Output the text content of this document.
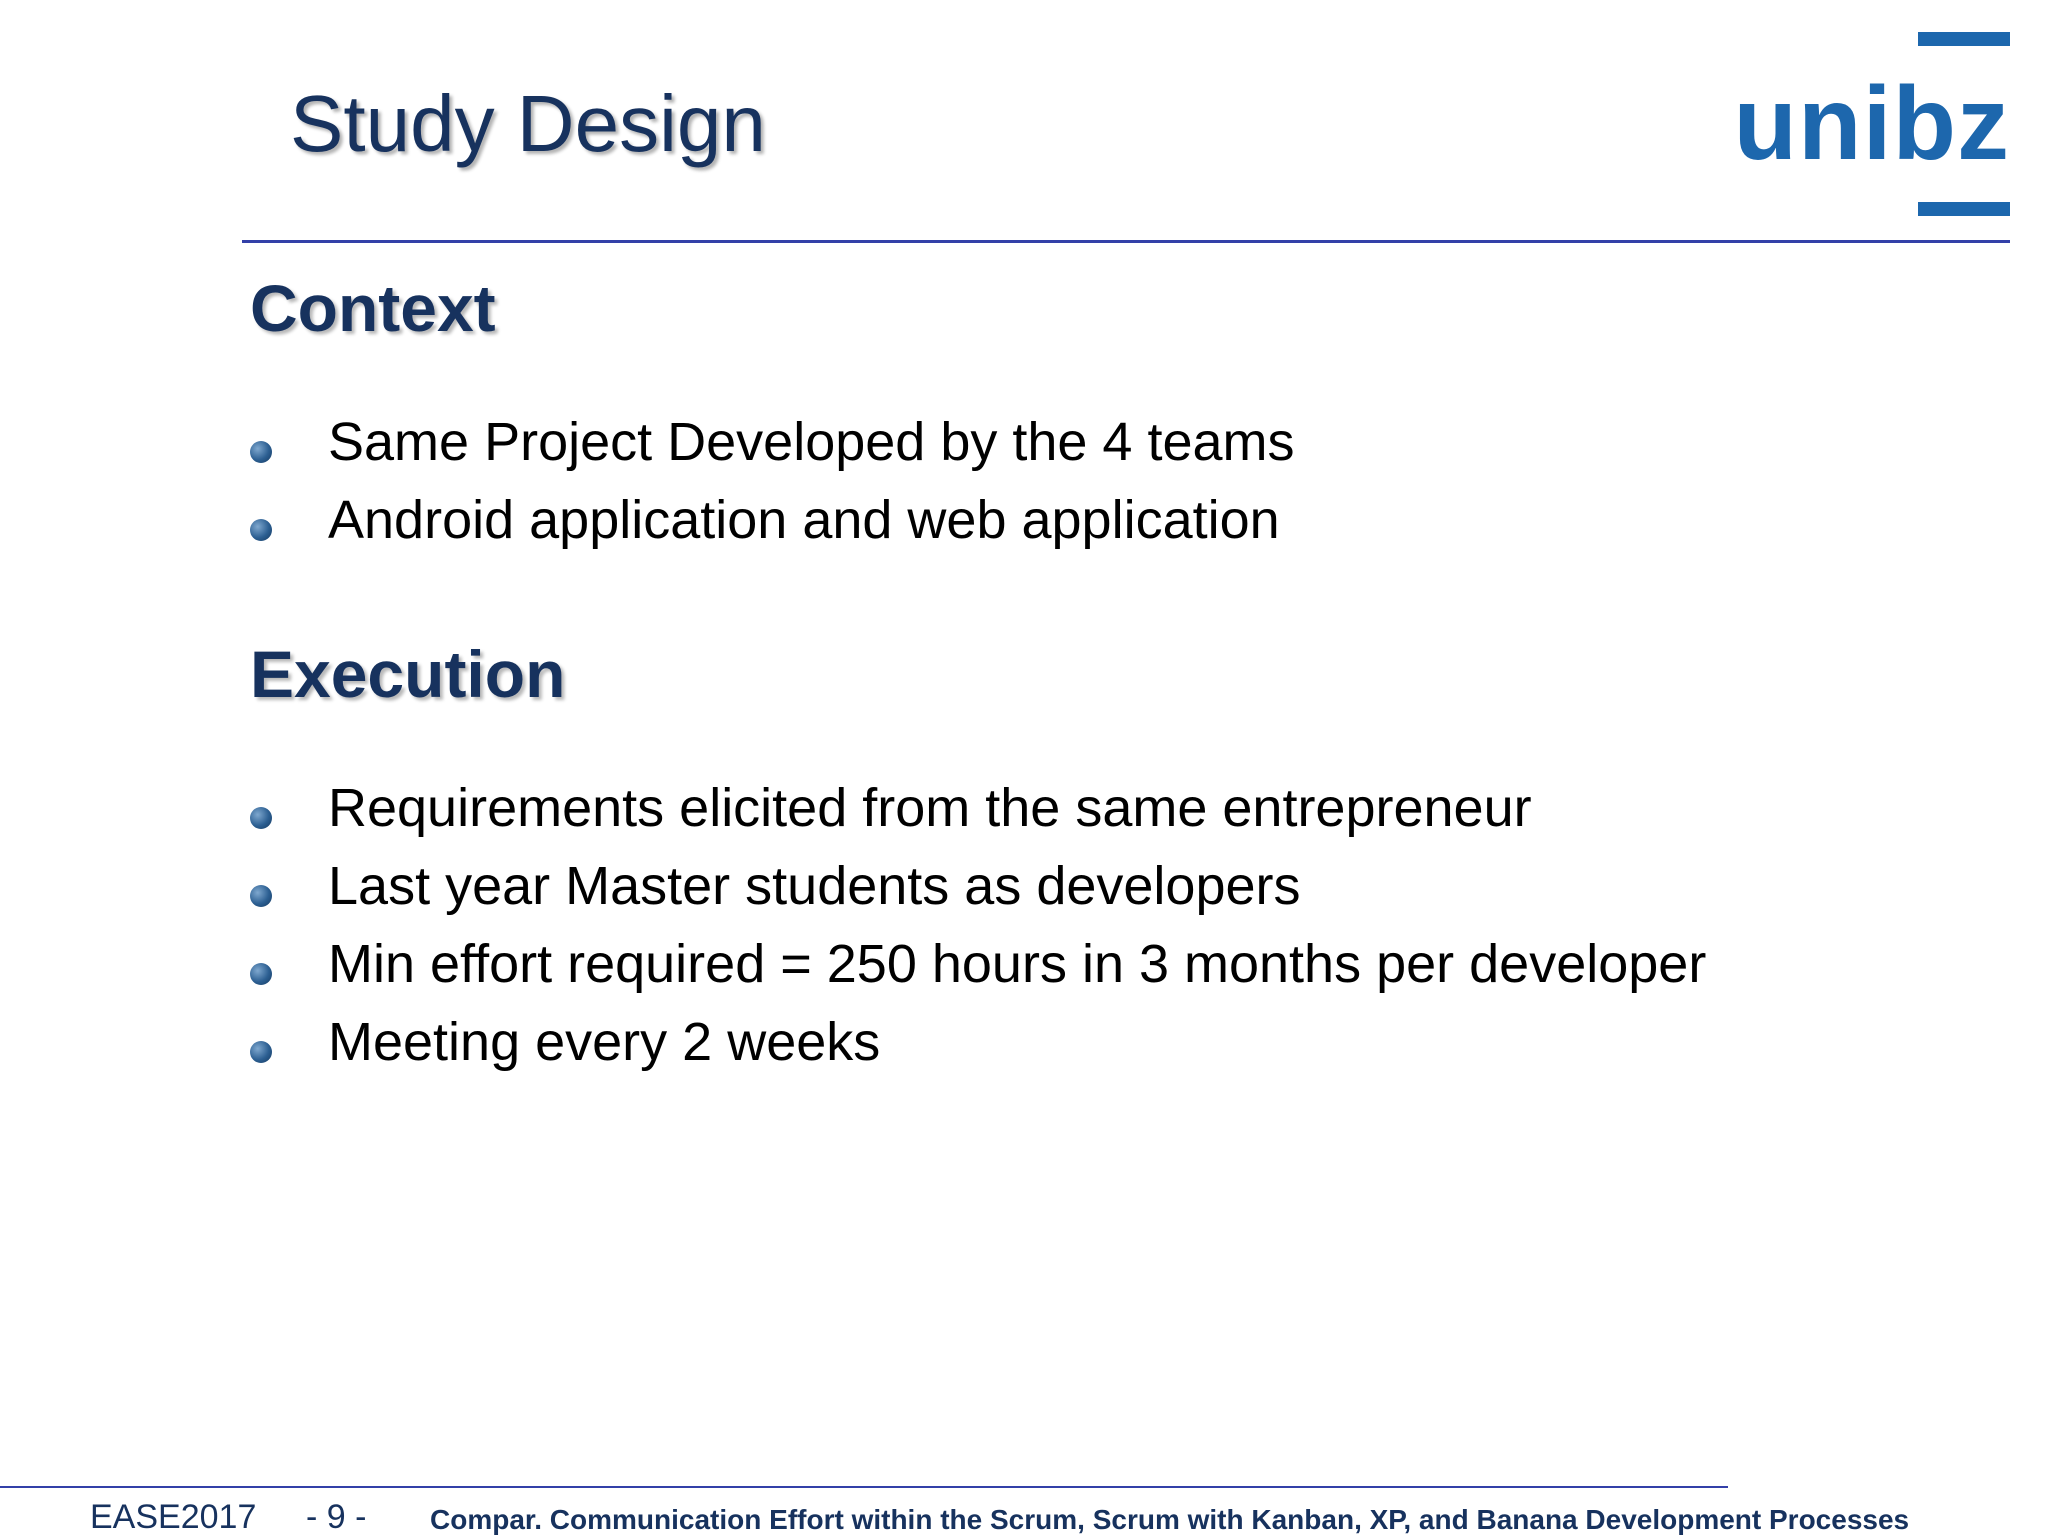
Study Design	unibz
Context
Same Project Developed by the 4 teams
Android application and web application
Execution
Requirements elicited from the same entrepreneur
Last year Master students as developers
Min effort required = 250 hours in 3 months per developer
Meeting every 2 weeks
EASE2017 - 9 - Compar. Communication Effort within the Scrum, Scrum with Kanban, XP, and Banana Development Processes
